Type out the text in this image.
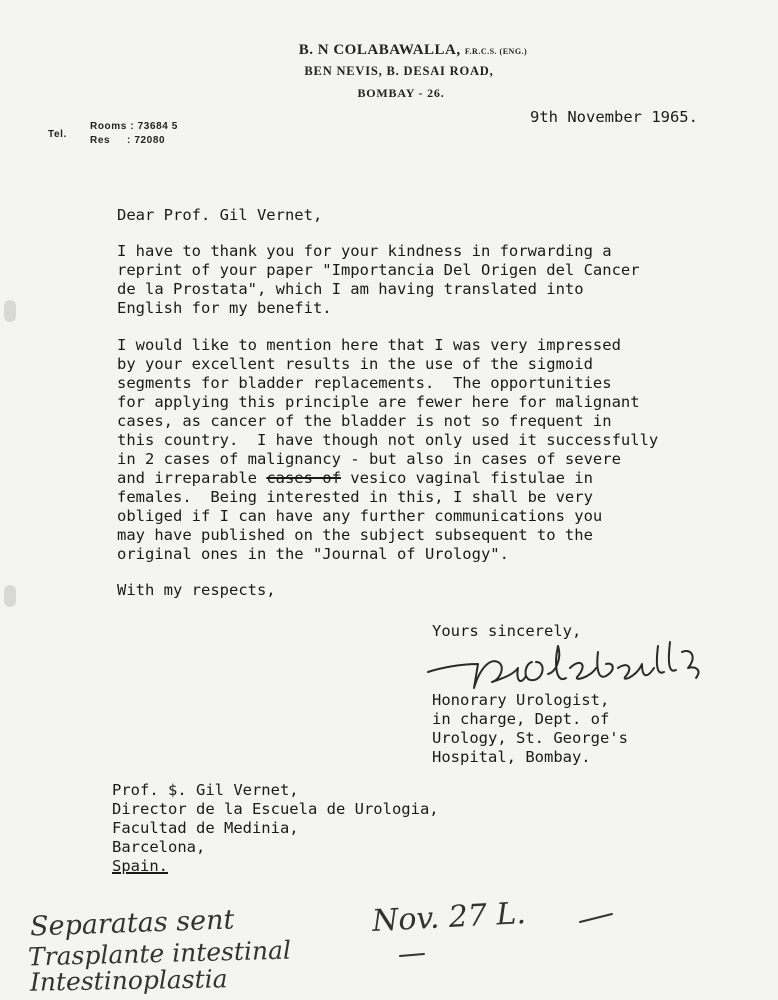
B. N COLABAWALLA, F.R.C.S. (ENG.)
BEN NEVIS, B. DESAI ROAD,
BOMBAY - 26.
Tel.
Rooms : 73684 5
Res     : 72080
9th November 1965.
Dear Prof. Gil Vernet,
I have to thank you for your kindness in forwarding a
reprint of your paper "Importancia Del Origen del Cancer
de la Prostata", which I am having translated into
English for my benefit.
I would like to mention here that I was very impressed
by your excellent results in the use of the sigmoid
segments for bladder replacements.  The opportunities
for applying this principle are fewer here for malignant
cases, as cancer of the bladder is not so frequent in
this country.  I have though not only used it successfully
in 2 cases of malignancy - but also in cases of severe
and irreparable cases of vesico vaginal fistulae in
females.  Being interested in this, I shall be very
obliged if I can have any further communications you
may have published on the subject subsequent to the
original ones in the "Journal of Urology".
With my respects,
Yours sincerely,
B N Colabawalla
Honorary Urologist,
in charge, Dept. of
Urology, St. George's
Hospital, Bombay.
Prof. $. Gil Vernet,
Director de la Escuela de Urologia,
Facultad de Medinia,
Barcelona,
Spain.
Separatas sent	Nov. 27 L.
Trasplante intestinal
Intestinoplastia
